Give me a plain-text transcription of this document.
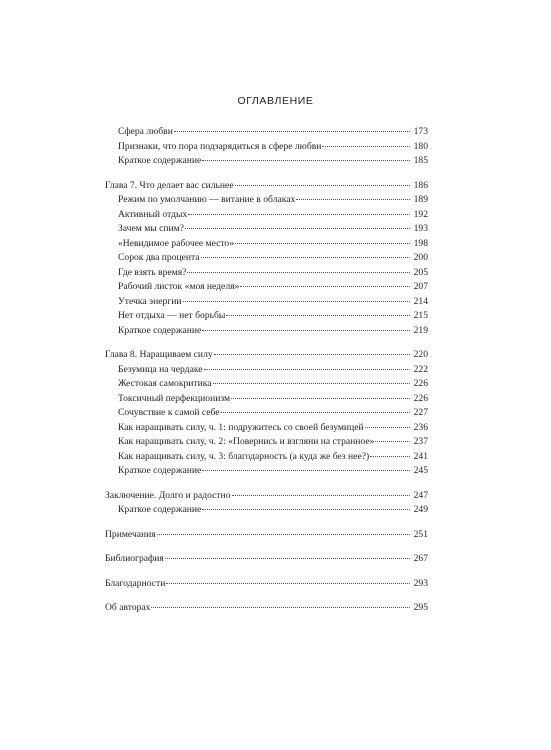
ОГЛАВЛЕНИЕ
Сфера любви	173
Признаки, что пора подзарядиться в сфере любви	180
Краткое содержание	185
Глава 7. Что делает вас сильнее	186
Режим по умолчанию — витание в облаках	189
Активный отдых	192
Зачем мы спим?	193
«Невидимое рабочее место»	198
Сорок два процента	200
Где взять время?	205
Рабочий листок «моя неделя»	207
Утечка энергии	214
Нет отдыха — нет борьбы	215
Краткое содержание	219
Глава 8. Наращиваем силу	220
Безумица на чердаке	222
Жестокая самокритика	226
Токсичный перфекционизм	226
Сочувствие к самой себе	227
Как наращивать силу, ч. 1: подружитесь со своей безумицей	236
Как наращивать силу, ч. 2: «Повернись и взгляни на странное»	237
Как наращивать силу, ч. 3: благодарность (а куда же без нее?)	241
Краткое содержание	245
Заключение. Долго и радостно	247
Краткое содержание	249
Примечания	251
Библиография	267
Благодарности	293
Об авторах	295
